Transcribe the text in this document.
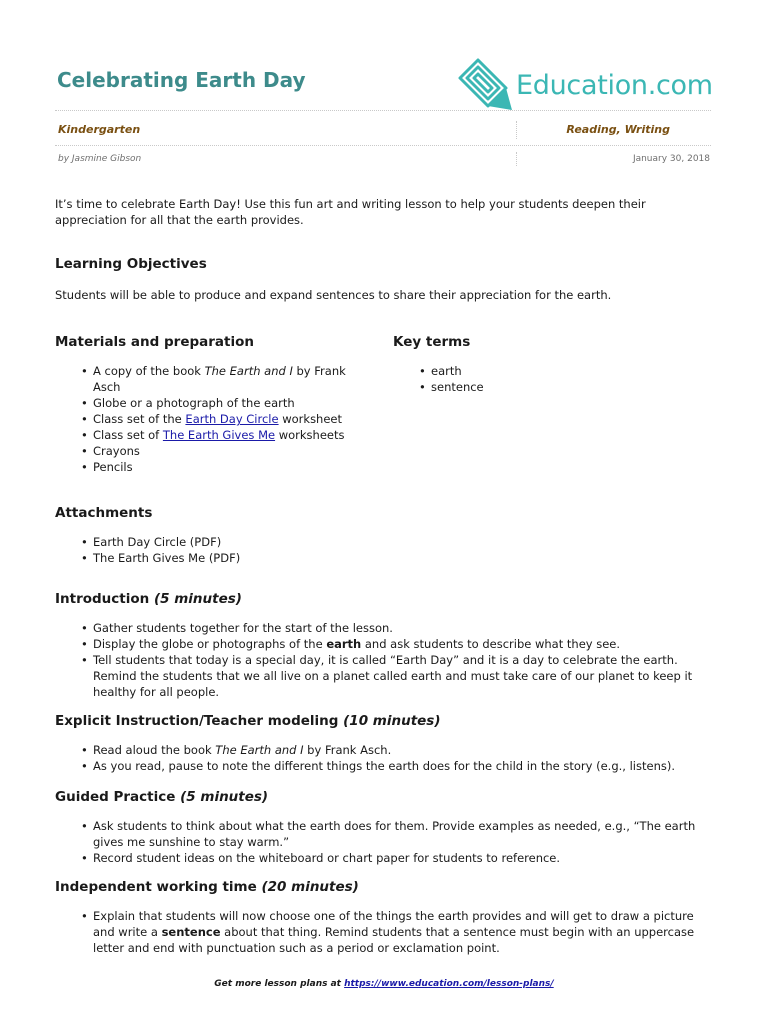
Celebrating Earth Day	Education.com
Kindergarten	Reading, Writing
by Jasmine Gibson	January 30, 2018

It’s time to celebrate Earth Day! Use this fun art and writing lesson to help your students deepen their appreciation for all that the earth provides.

Learning Objectives

Students will be able to produce and expand sentences to share their appreciation for the earth.

Materials and preparation
• A copy of the book The Earth and I by Frank Asch
• Globe or a photograph of the earth
• Class set of the Earth Day Circle worksheet
• Class set of The Earth Gives Me worksheets
• Crayons
• Pencils
Key terms
• earth
• sentence
Attachments
• Earth Day Circle (PDF)
• The Earth Gives Me (PDF)
Introduction (5 minutes)
• Gather students together for the start of the lesson.
• Display the globe or photographs of the earth and ask students to describe what they see.
• Tell students that today is a special day, it is called “Earth Day” and it is a day to celebrate the earth. Remind the students that we all live on a planet called earth and must take care of our planet to keep it healthy for all people.
Explicit Instruction/Teacher modeling (10 minutes)
• Read aloud the book The Earth and I by Frank Asch.
• As you read, pause to note the different things the earth does for the child in the story (e.g., listens).
Guided Practice (5 minutes)
• Ask students to think about what the earth does for them. Provide examples as needed, e.g., “The earth gives me sunshine to stay warm.”
• Record student ideas on the whiteboard or chart paper for students to reference.
Independent working time (20 minutes)
• Explain that students will now choose one of the things the earth provides and will get to draw a picture and write a sentence about that thing. Remind students that a sentence must begin with an uppercase letter and end with punctuation such as a period or exclamation point.
Get more lesson plans at https://www.education.com/lesson-plans/
